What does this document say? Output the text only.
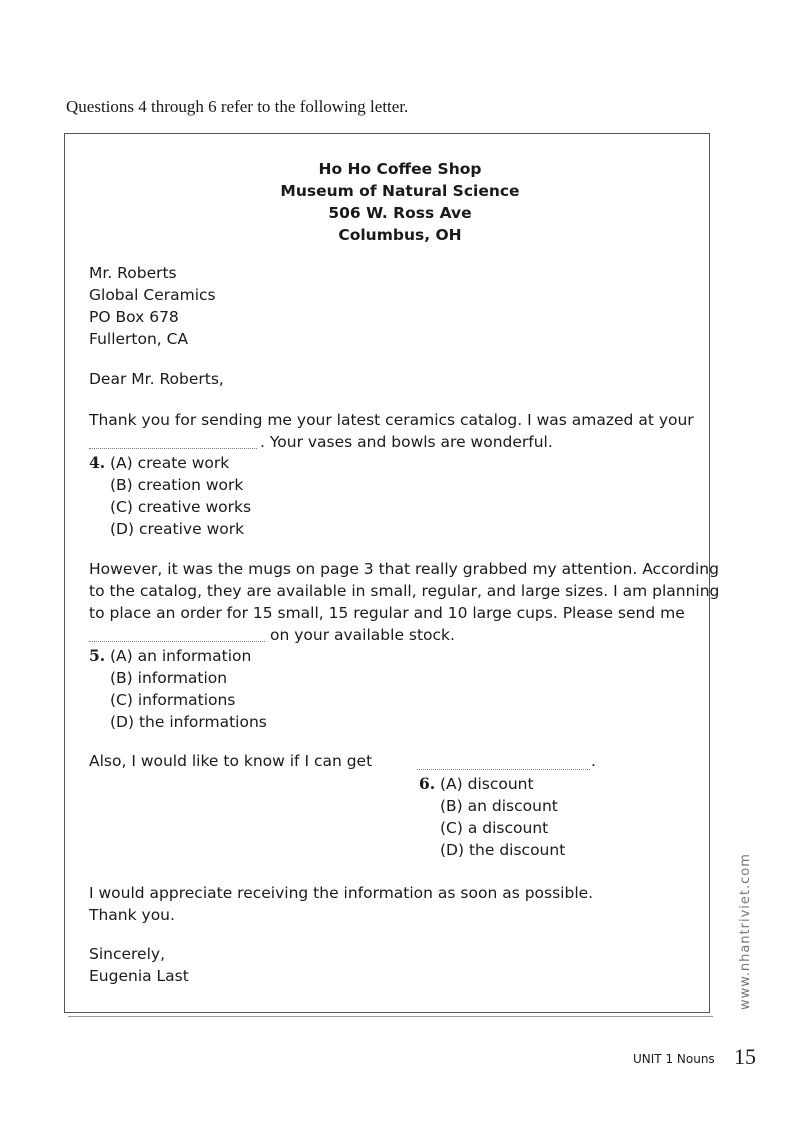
Questions 4 through 6 refer to the following letter.
Ho Ho Coffee Shop
Museum of Natural Science
506 W. Ross Ave
Columbus, OH
Mr. Roberts
Global Ceramics
PO Box 678
Fullerton, CA
Dear Mr. Roberts,
Thank you for sending me your latest ceramics catalog. I was amazed at your
. Your vases and bowls are wonderful.
4. (A) create work
(B) creation work
(C) creative works
(D) creative work
However, it was the mugs on page 3 that really grabbed my attention. According
to the catalog, they are available in small, regular, and large sizes. I am planning
to place an order for 15 small, 15 regular and 10 large cups. Please send me
on your available stock.
5. (A) an information
(B) information
(C) informations
(D) the informations
Also, I would like to know if I can get	.
6. (A) discount
(B) an discount
(C) a discount
(D) the discount
I would appreciate receiving the information as soon as possible.
Thank you.
Sincerely,
Eugenia Last	www.nhantriviet.com
UNIT 1 Nouns 15
